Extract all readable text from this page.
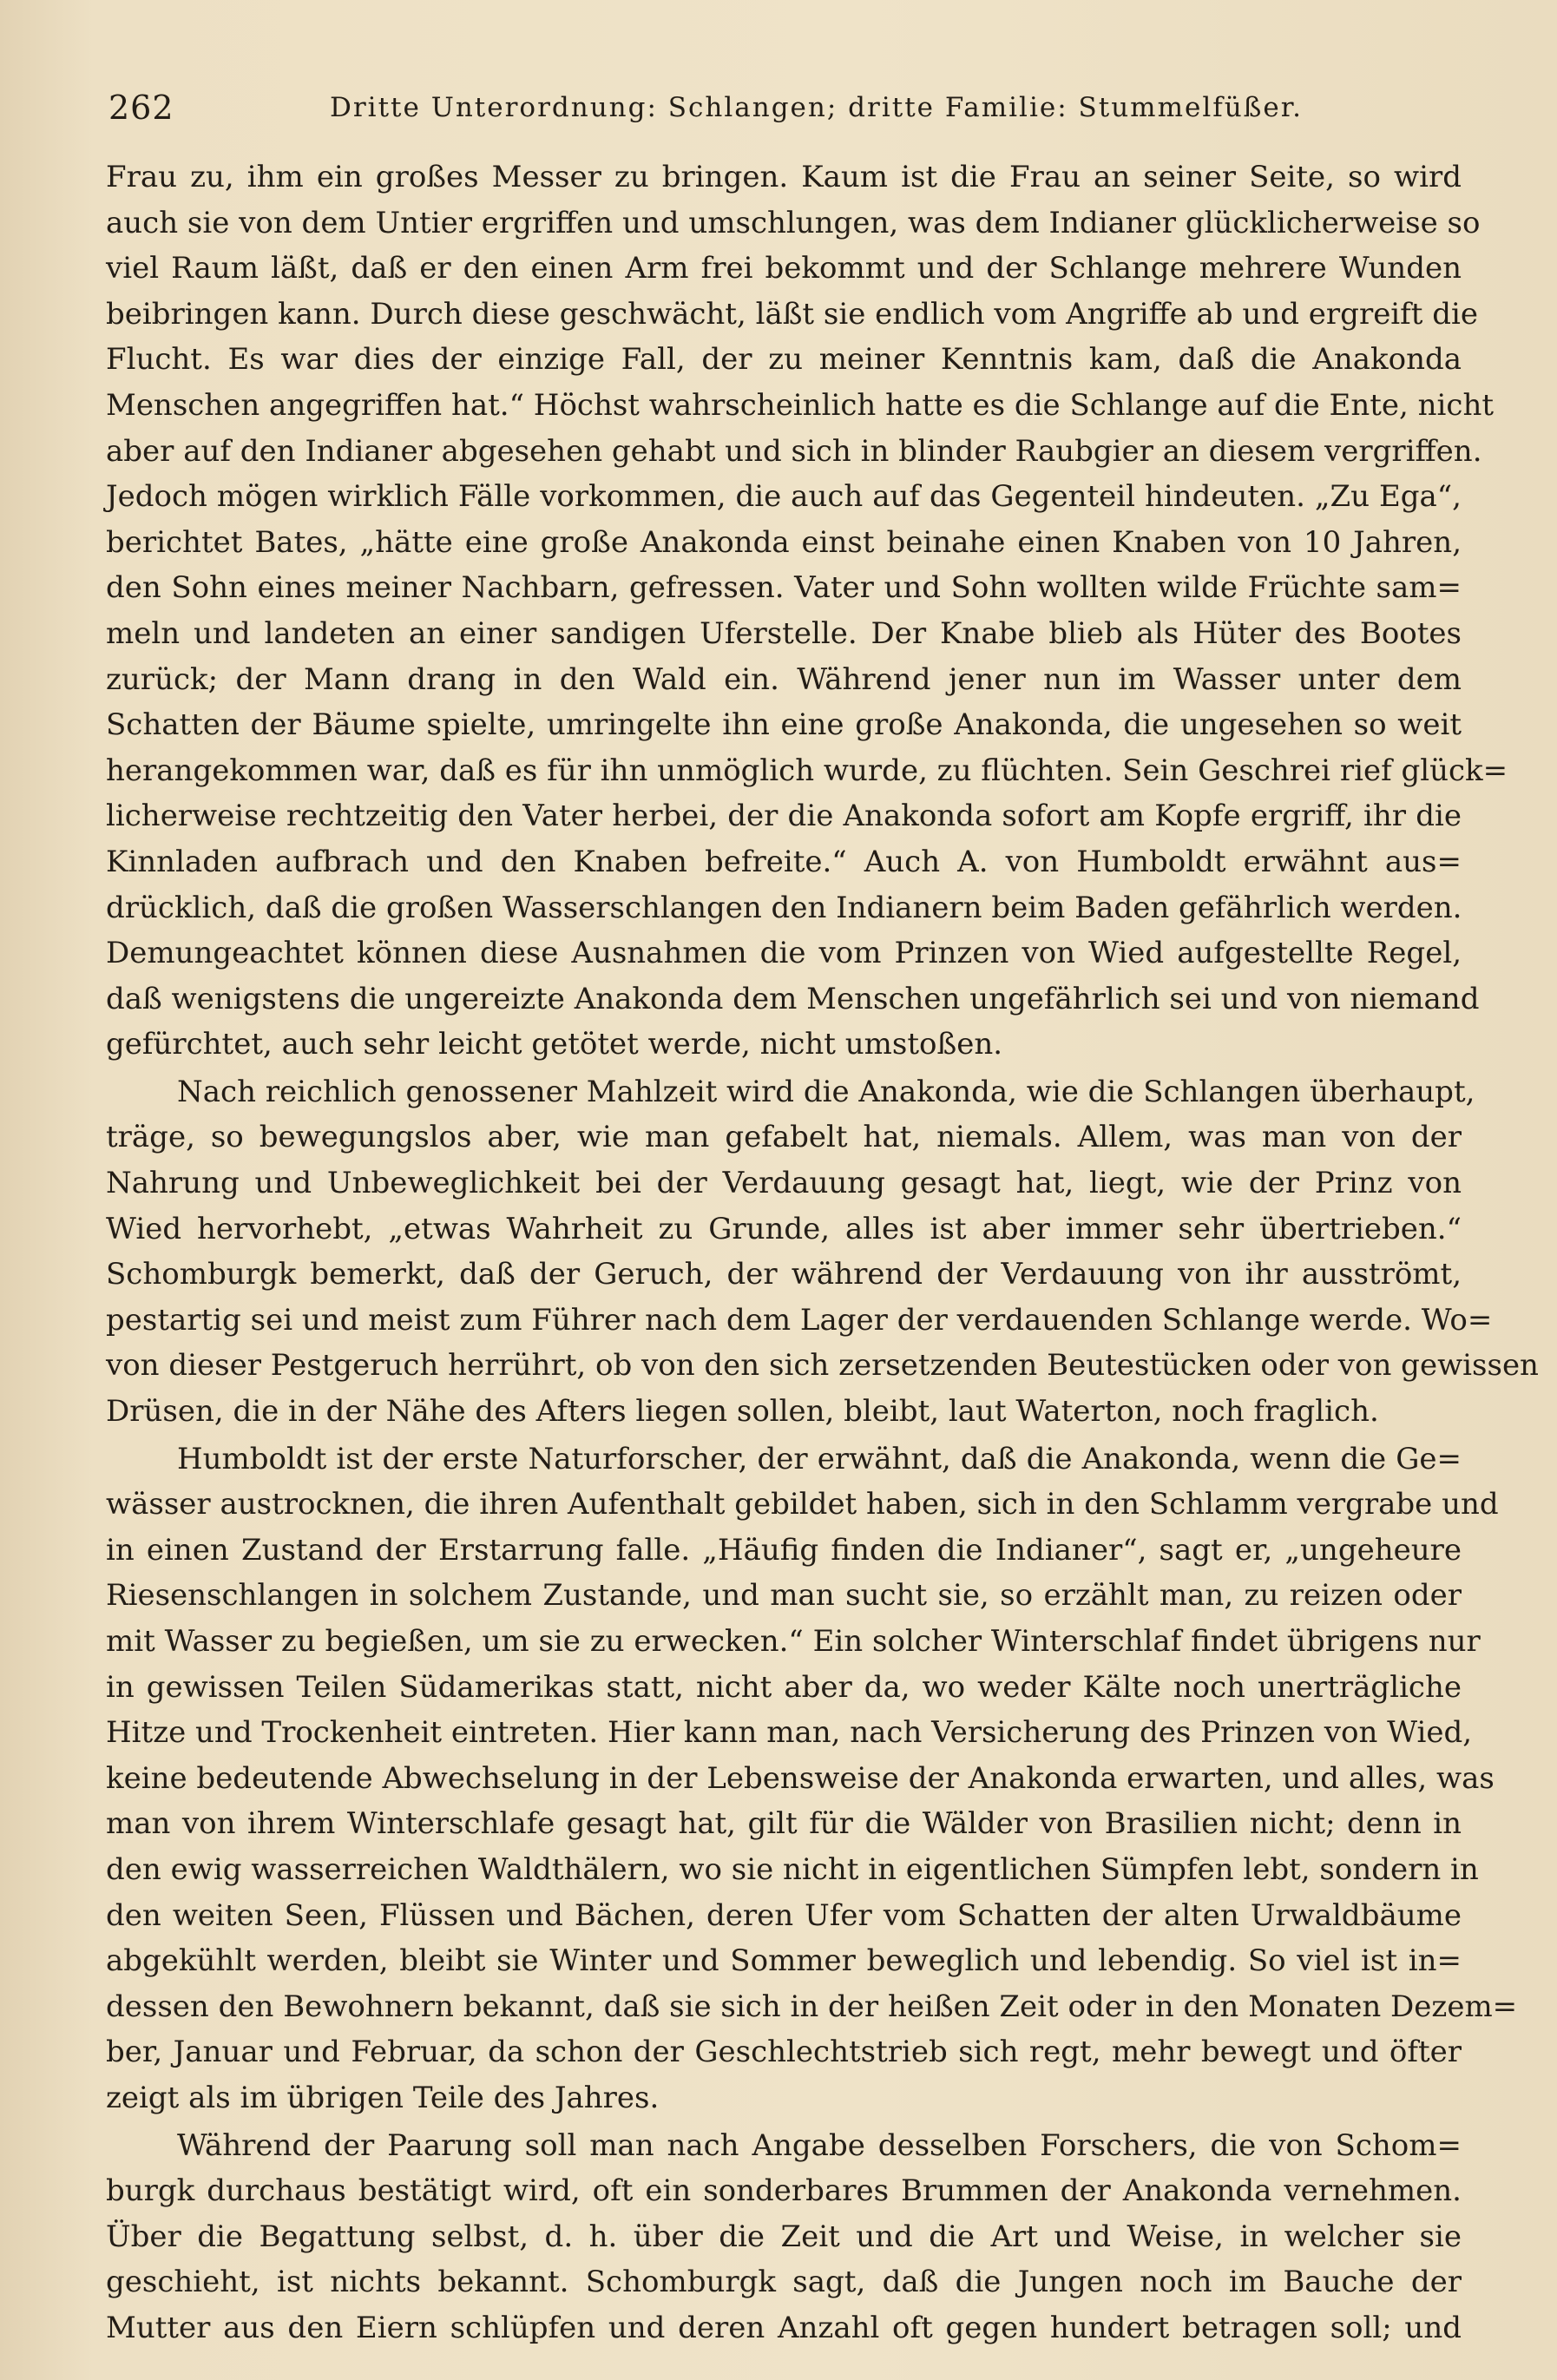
262	Dritte Unterordnung: Schlangen; dritte Familie: Stummelfüßer.
Frau zu, ihm ein großes Messer zu bringen. Kaum ist die Frau an seiner Seite, so wird
auch sie von dem Untier ergriffen und umschlungen, was dem Indianer glücklicherweise so
viel Raum läßt, daß er den einen Arm frei bekommt und der Schlange mehrere Wunden
beibringen kann. Durch diese geschwächt, läßt sie endlich vom Angriffe ab und ergreift die
Flucht. Es war dies der einzige Fall, der zu meiner Kenntnis kam, daß die Anakonda
Menschen angegriffen hat.“ Höchst wahrscheinlich hatte es die Schlange auf die Ente, nicht
aber auf den Indianer abgesehen gehabt und sich in blinder Raubgier an diesem vergriffen.
Jedoch mögen wirklich Fälle vorkommen, die auch auf das Gegenteil hindeuten. „Zu Ega“,
berichtet Bates, „hätte eine große Anakonda einst beinahe einen Knaben von 10 Jahren,
den Sohn eines meiner Nachbarn, gefressen. Vater und Sohn wollten wilde Früchte sam=
meln und landeten an einer sandigen Uferstelle. Der Knabe blieb als Hüter des Bootes
zurück; der Mann drang in den Wald ein. Während jener nun im Wasser unter dem
Schatten der Bäume spielte, umringelte ihn eine große Anakonda, die ungesehen so weit
herangekommen war, daß es für ihn unmöglich wurde, zu flüchten. Sein Geschrei rief glück=
licherweise rechtzeitig den Vater herbei, der die Anakonda sofort am Kopfe ergriff, ihr die
Kinnladen aufbrach und den Knaben befreite.“ Auch A. von Humboldt erwähnt aus=
drücklich, daß die großen Wasserschlangen den Indianern beim Baden gefährlich werden.
Demungeachtet können diese Ausnahmen die vom Prinzen von Wied aufgestellte Regel,
daß wenigstens die ungereizte Anakonda dem Menschen ungefährlich sei und von niemand
gefürchtet, auch sehr leicht getötet werde, nicht umstoßen.
Nach reichlich genossener Mahlzeit wird die Anakonda, wie die Schlangen überhaupt,
träge, so bewegungslos aber, wie man gefabelt hat, niemals. Allem, was man von der
Nahrung und Unbeweglichkeit bei der Verdauung gesagt hat, liegt, wie der Prinz von
Wied hervorhebt, „etwas Wahrheit zu Grunde, alles ist aber immer sehr übertrieben.“
Schomburgk bemerkt, daß der Geruch, der während der Verdauung von ihr ausströmt,
pestartig sei und meist zum Führer nach dem Lager der verdauenden Schlange werde. Wo=
von dieser Pestgeruch herrührt, ob von den sich zersetzenden Beutestücken oder von gewissen
Drüsen, die in der Nähe des Afters liegen sollen, bleibt, laut Waterton, noch fraglich.
Humboldt ist der erste Naturforscher, der erwähnt, daß die Anakonda, wenn die Ge=
wässer austrocknen, die ihren Aufenthalt gebildet haben, sich in den Schlamm vergrabe und
in einen Zustand der Erstarrung falle. „Häufig finden die Indianer“, sagt er, „ungeheure
Riesenschlangen in solchem Zustande, und man sucht sie, so erzählt man, zu reizen oder
mit Wasser zu begießen, um sie zu erwecken.“ Ein solcher Winterschlaf findet übrigens nur
in gewissen Teilen Südamerikas statt, nicht aber da, wo weder Kälte noch unerträgliche
Hitze und Trockenheit eintreten. Hier kann man, nach Versicherung des Prinzen von Wied,
keine bedeutende Abwechselung in der Lebensweise der Anakonda erwarten, und alles, was
man von ihrem Winterschlafe gesagt hat, gilt für die Wälder von Brasilien nicht; denn in
den ewig wasserreichen Waldthälern, wo sie nicht in eigentlichen Sümpfen lebt, sondern in
den weiten Seen, Flüssen und Bächen, deren Ufer vom Schatten der alten Urwaldbäume
abgekühlt werden, bleibt sie Winter und Sommer beweglich und lebendig. So viel ist in=
dessen den Bewohnern bekannt, daß sie sich in der heißen Zeit oder in den Monaten Dezem=
ber, Januar und Februar, da schon der Geschlechtstrieb sich regt, mehr bewegt und öfter
zeigt als im übrigen Teile des Jahres.
Während der Paarung soll man nach Angabe desselben Forschers, die von Schom=
burgk durchaus bestätigt wird, oft ein sonderbares Brummen der Anakonda vernehmen.
Über die Begattung selbst, d. h. über die Zeit und die Art und Weise, in welcher sie
geschieht, ist nichts bekannt. Schomburgk sagt, daß die Jungen noch im Bauche der
Mutter aus den Eiern schlüpfen und deren Anzahl oft gegen hundert betragen soll; und
